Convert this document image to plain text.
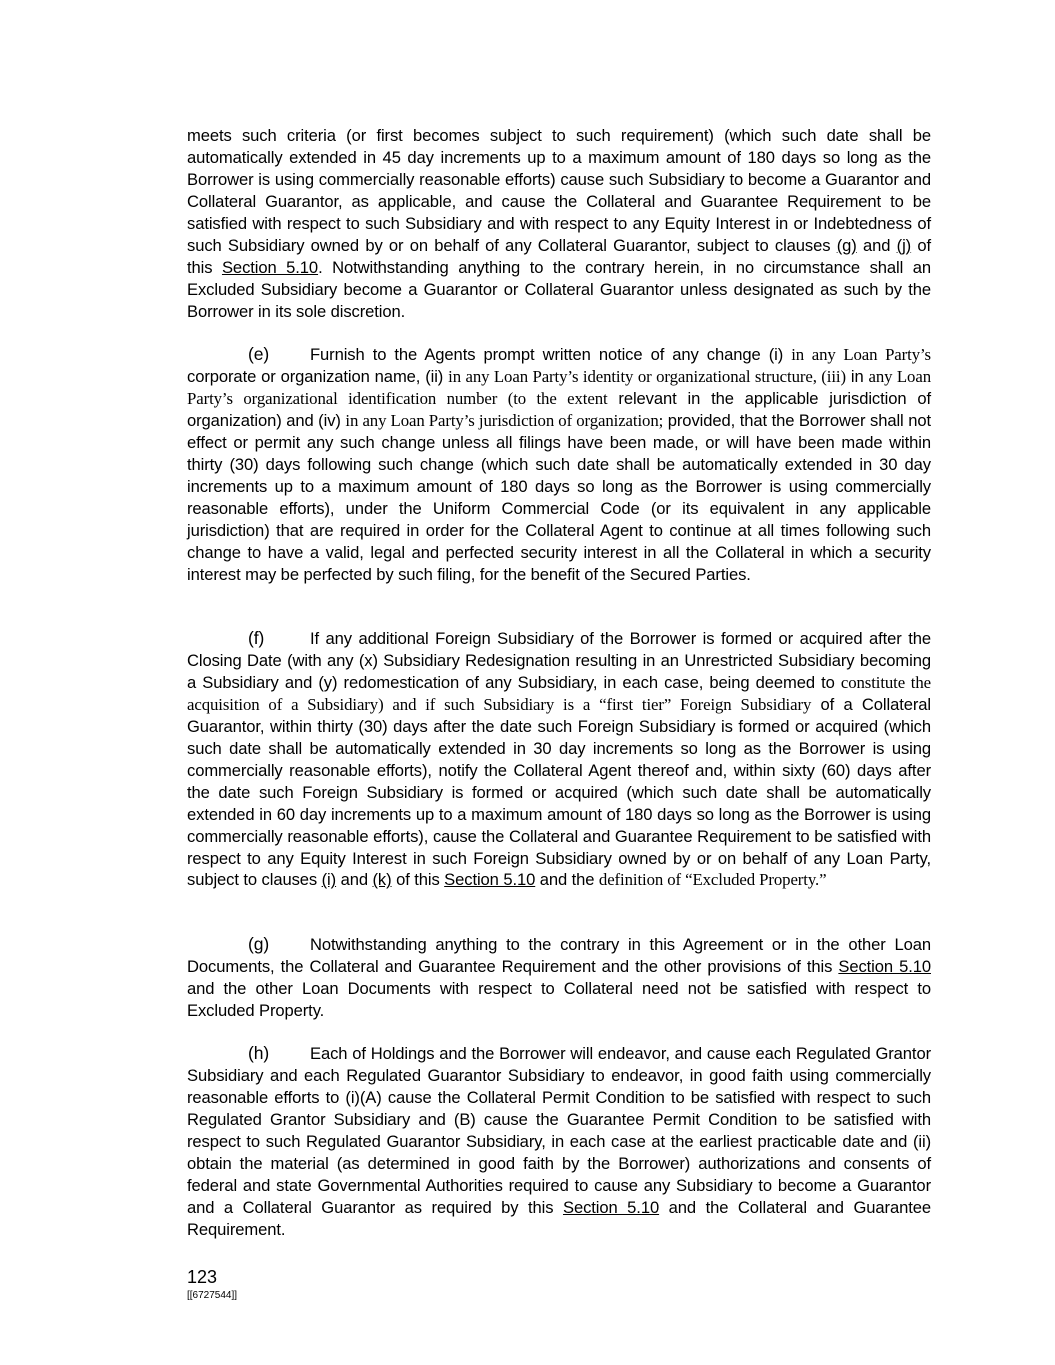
meets such criteria (or first becomes subject to such requirement) (which such date shall be automatically extended in 45 day increments up to a maximum amount of 180 days so long as the Borrower is using commercially reasonable efforts) cause such Subsidiary to become a Guarantor and Collateral Guarantor, as applicable, and cause the Collateral and Guarantee Requirement to be satisfied with respect to such Subsidiary and with respect to any Equity Interest in or Indebtedness of such Subsidiary owned by or on behalf of any Collateral Guarantor, subject to clauses (g) and (j) of this Section 5.10. Notwithstanding anything to the contrary herein, in no circumstance shall an Excluded Subsidiary become a Guarantor or Collateral Guarantor unless designated as such by the Borrower in its sole discretion.

(e) Furnish to the Agents prompt written notice of any change (i) in any Loan Party’s corporate or organization name, (ii) in any Loan Party’s identity or organizational structure, (iii) in any Loan Party’s organizational identification number (to the extent relevant in the applicable jurisdiction of organization) and (iv) in any Loan Party’s jurisdiction of organization; provided, that the Borrower shall not effect or permit any such change unless all filings have been made, or will have been made within thirty (30) days following such change (which such date shall be automatically extended in 30 day increments up to a maximum amount of 180 days so long as the Borrower is using commercially reasonable efforts), under the Uniform Commercial Code (or its equivalent in any applicable jurisdiction) that are required in order for the Collateral Agent to continue at all times following such change to have a valid, legal and perfected security interest in all the Collateral in which a security interest may be perfected by such filing, for the benefit of the Secured Parties.

(f)	If any additional Foreign Subsidiary of the Borrower is formed or acquired after the Closing Date (with any (x) Subsidiary Redesignation resulting in an Unrestricted Subsidiary becoming a Subsidiary and (y) redomestication of any Subsidiary, in each case, being deemed to constitute the acquisition of a Subsidiary) and if such Subsidiary is a “first tier” Foreign Subsidiary of a Collateral Guarantor, within thirty (30) days after the date such Foreign Subsidiary is formed or acquired (which such date shall be automatically extended in 30 day increments so long as the Borrower is using commercially reasonable efforts), notify the Collateral Agent thereof and, within sixty (60) days after the date such Foreign Subsidiary is formed or acquired (which such date shall be automatically extended in 60 day increments up to a maximum amount of 180 days so long as the Borrower is using commercially reasonable efforts), cause the Collateral and Guarantee Requirement to be satisfied with respect to any Equity Interest in such Foreign Subsidiary owned by or on behalf of any Loan Party, subject to clauses (i) and (k) of this Section 5.10 and the definition of “Excluded Property.”

(g) Notwithstanding anything to the contrary in this Agreement or in the other Loan Documents, the Collateral and Guarantee Requirement and the other provisions of this Section 5.10 and the other Loan Documents with respect to Collateral need not be satisfied with respect to Excluded Property.

(h) Each of Holdings and the Borrower will endeavor, and cause each Regulated Grantor Subsidiary and each Regulated Guarantor Subsidiary to endeavor, in good faith using commercially reasonable efforts to (i)(A) cause the Collateral Permit Condition to be satisfied with respect to such Regulated Grantor Subsidiary and (B) cause the Guarantee Permit Condition to be satisfied with respect to such Regulated Guarantor Subsidiary, in each case at the earliest practicable date and (ii) obtain the material (as determined in good faith by the Borrower) authorizations and consents of federal and state Governmental Authorities required to cause any Subsidiary to become a Guarantor and a Collateral Guarantor as required by this Section 5.10 and the Collateral and Guarantee Requirement.

123
[[6727544]]
